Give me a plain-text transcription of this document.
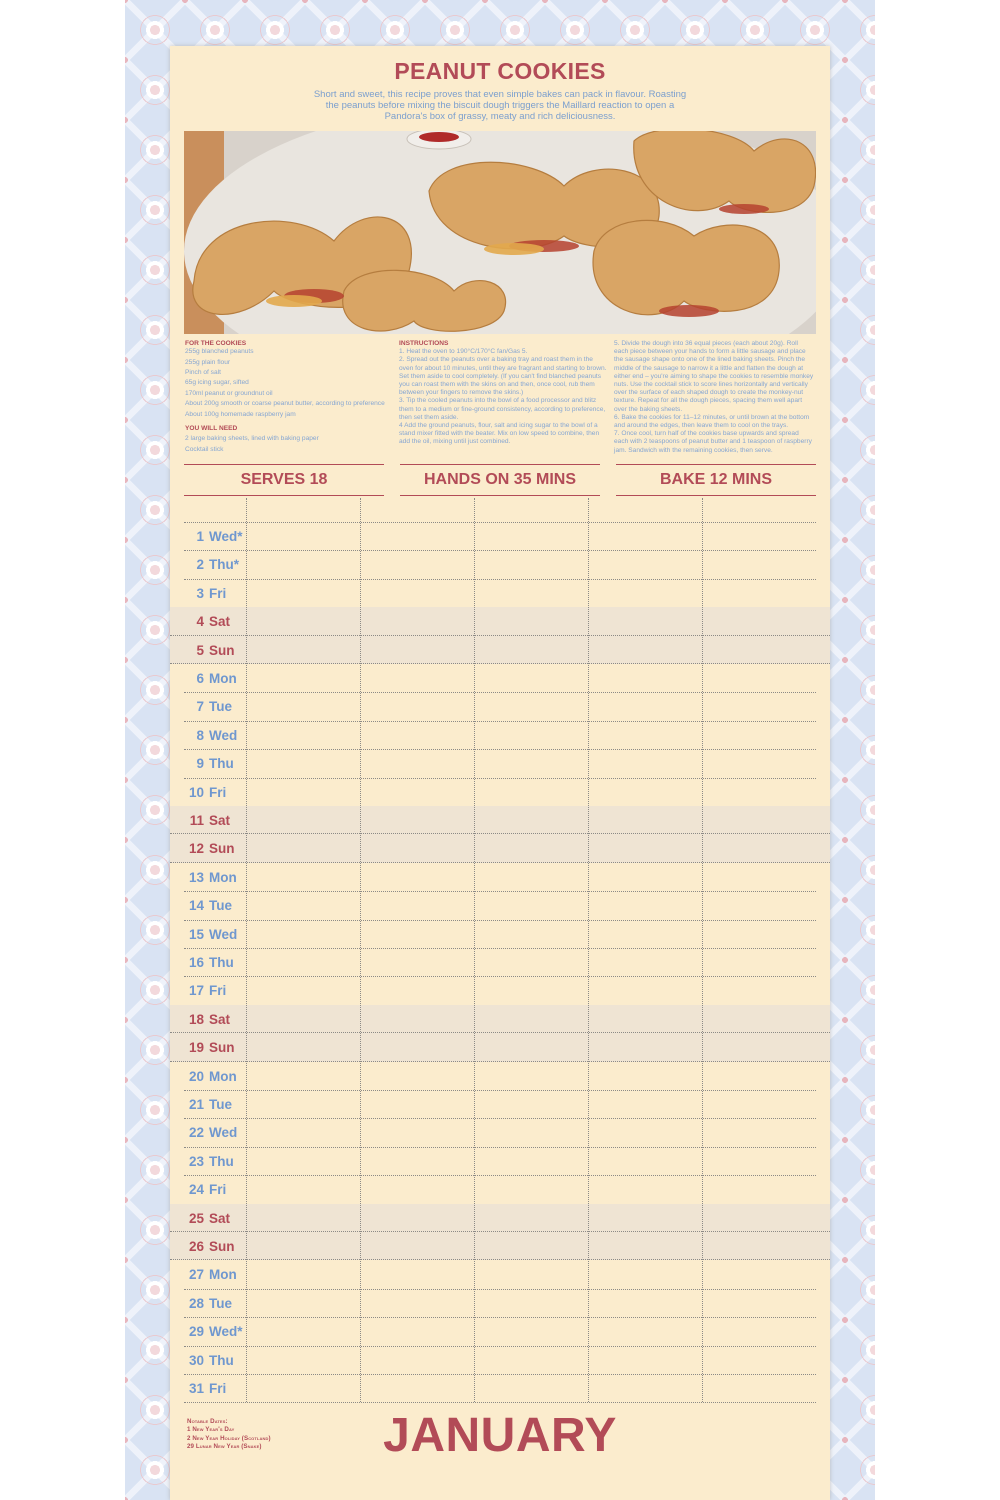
PEANUT COOKIES
Short and sweet, this recipe proves that even simple bakes can pack in flavour. Roasting the peanuts before mixing the biscuit dough triggers the Maillard reaction to open a Pandora's box of grassy, meaty and rich deliciousness.

FOR THE COOKIES

255g blanched peanuts

255g plain flour

Pinch of salt

65g icing sugar, sifted

170ml peanut or groundnut oil

About 200g smooth or coarse peanut butter, according to preference

About 100g homemade raspberry jam

YOU WILL NEED

2 large baking sheets, lined with baking paper

Cocktail stick

INSTRUCTIONS

1. Heat the oven to 190°C/170°C fan/Gas 5.

2. Spread out the peanuts over a baking tray and roast them in the oven for about 10 minutes, until they are fragrant and starting to brown. Set them aside to cool completely. (If you can't find blanched peanuts you can roast them with the skins on and then, once cool, rub them between your fingers to remove the skins.)

3. Tip the cooled peanuts into the bowl of a food processor and blitz them to a medium or fine-ground consistency, according to preference, then set them aside.

4 Add the ground peanuts, flour, salt and icing sugar to the bowl of a stand mixer fitted with the beater. Mix on low speed to combine, then add the oil, mixing until just combined.

5. Divide the dough into 36 equal pieces (each about 20g). Roll each piece between your hands to form a little sausage and place the sausage shape onto one of the lined baking sheets. Pinch the middle of the sausage to narrow it a little and flatten the dough at either end – you're aiming to shape the cookies to resemble monkey nuts. Use the cocktail stick to score lines horizontally and vertically over the surface of each shaped dough to create the monkey-nut texture. Repeat for all the dough pieces, spacing them well apart over the baking sheets.

6. Bake the cookies for 11–12 minutes, or until brown at the bottom and around the edges, then leave them to cool on the trays.

7. Once cool, turn half of the cookies base upwards and spread each with 2 teaspoons of peanut butter and 1 teaspoon of raspberry jam. Sandwich with the remaining cookies, then serve.

SERVES 18	HANDS ON 35 MINS	BAKE 12 MINS
1 Wed*
2 Thu*
3 Fri
4 Sat
5 Sun
6 Mon
7 Tue
8 Wed
9 Thu
10 Fri
11 Sat
12 Sun
13 Mon
14 Tue
15 Wed
16 Thu
17 Fri
18 Sat
19 Sun
20 Mon
21 Tue
22 Wed
23 Thu
24 Fri
25 Sat
26 Sun
27 Mon
28 Tue
29 Wed*
30 Thu
31 Fri
Notable Dates:
1 New Year's Day
2 New Year Holiday (Scotland)
29 Lunar New Year (Snake)	JANUARY
